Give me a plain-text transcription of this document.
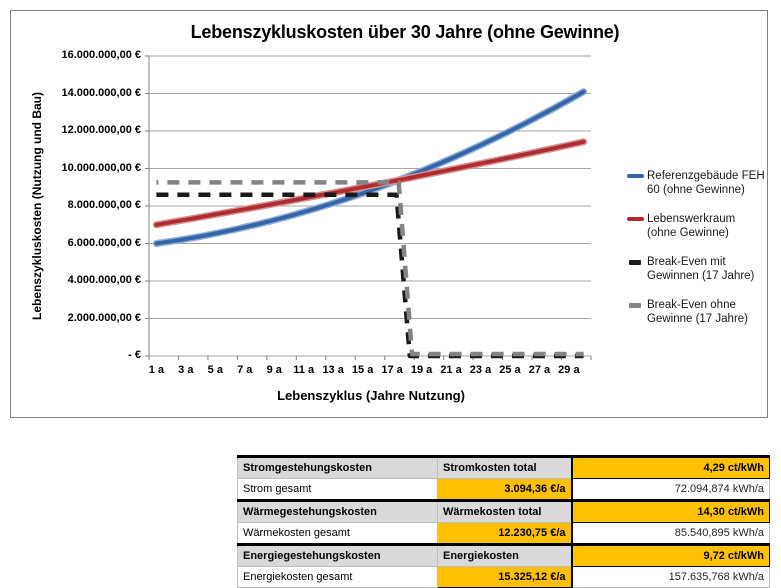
Lebenszykluskosten über 30 Jahre (ohne Gewinne)
Lebenszykluskosten (Nutzung und Bau)
Lebenszyklus (Jahre Nutzung)
16.000.000,00 €
14.000.000,00 €
12.000.000,00 €
10.000.000,00 €
8.000.000,00 €
6.000.000,00 €
4.000.000,00 €
2.000.000,00 €
- €
1 a	3 a	5 a	7 a	9 a	11 a 13 a 15 a 17 a 19 a 21 a 23 a 25 a 27 a 29 a
Referenzgebäude FEH 60 (ohne Gewinne)
Lebenswerkraum (ohne Gewinne)
Break-Even mit Gewinnen (17 Jahre)
Break-Even ohne Gewinne (17 Jahre)
Stromgestehungskosten	Stromkosten total	4,29 ct/kWh
Strom gesamt	3.094,36 €/a	72.094,874 kWh/a
Wärmegestehungskosten	Wärmekosten total	14,30 ct/kWh
Wärmekosten gesamt	12.230,75 €/a	85.540,895 kWh/a
Energiegestehungskosten	Energiekosten	9,72 ct/kWh
Energiekosten gesamt	15.325,12 €/a	157.635,768 kWh/a
